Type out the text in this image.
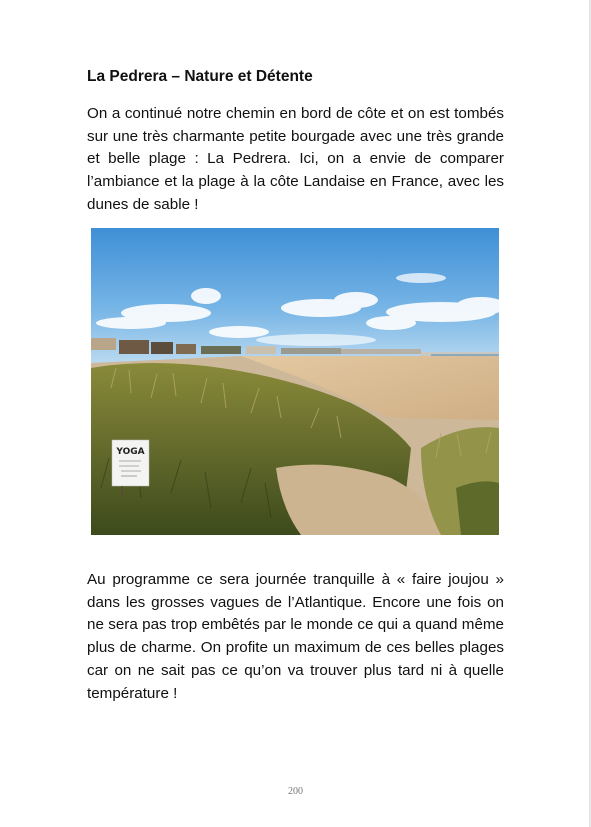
La Pedrera – Nature et Détente

On a continué notre chemin en bord de côte et on est tombés sur une très charmante petite bourgade avec une très grande et belle plage : La Pedrera. Ici, on a envie de comparer l’ambiance et la plage à la côte Landaise en France, avec les dunes de sable !

YOGA

Au programme ce sera journée tranquille à « faire joujou » dans les grosses vagues de l’Atlantique. Encore une fois on ne sera pas trop embêtés par le monde ce qui a quand même plus de charme. On profite un maximum de ces belles plages car on ne sait pas ce qu’on va trouver plus tard ni à quelle température !

200
